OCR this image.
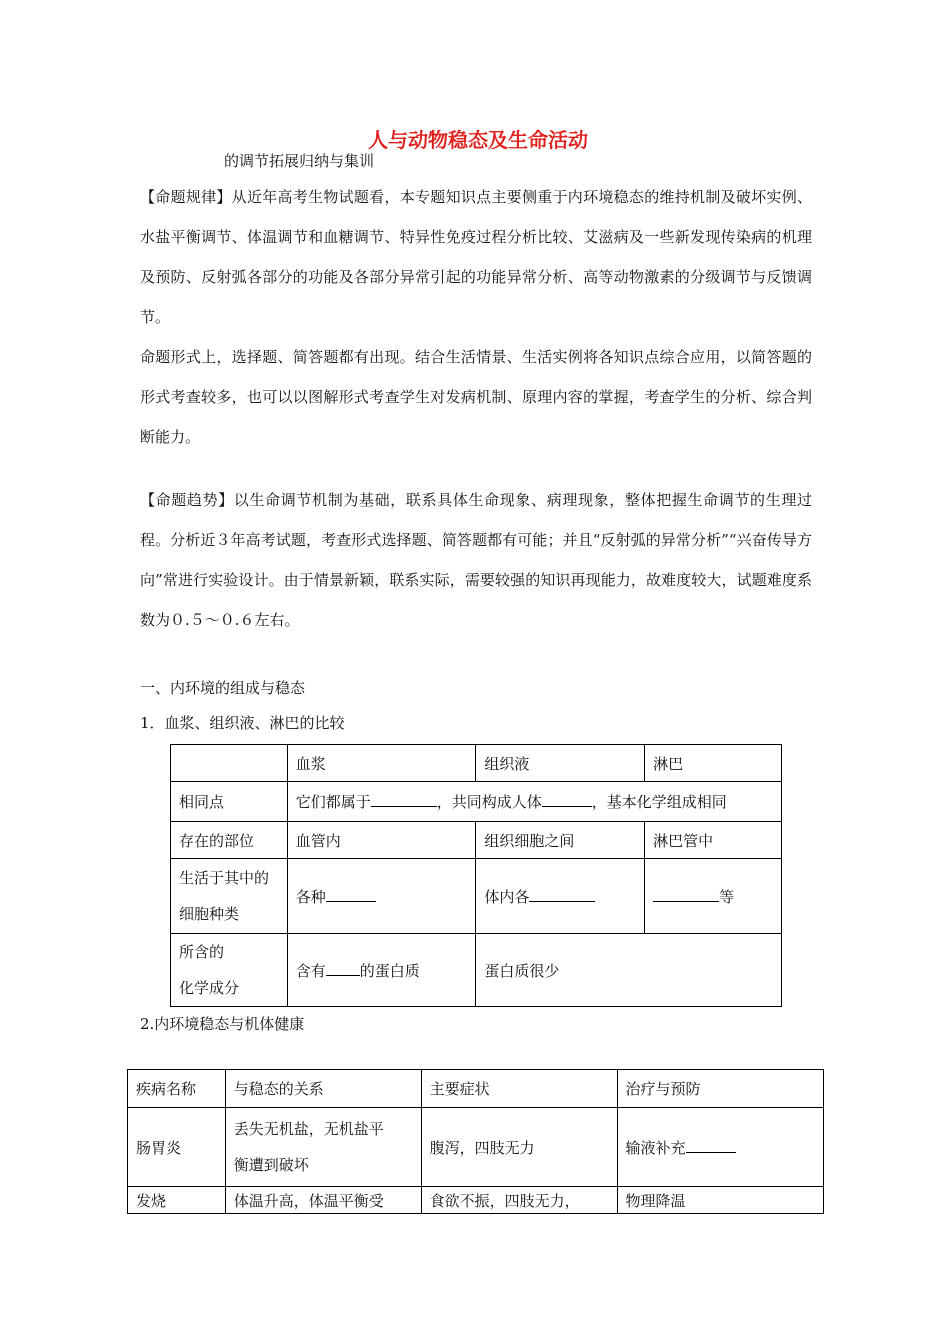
人与动物稳态及生命活动

的调节拓展归纳与集训

【命题规律】从近年高考生物试题看，本专题知识点主要侧重于内环境稳态的维持机制及破坏实例、水盐平衡调节、体温调节和血糖调节、特异性免疫过程分析比较、艾滋病及一些新发现传染病的机理及预防、反射弧各部分的功能及各部分异常引起的功能异常分析、高等动物激素的分级调节与反馈调节。

命题形式上，选择题、简答题都有出现。结合生活情景、生活实例将各知识点综合应用，以简答题的形式考查较多，也可以以图解形式考查学生对发病机制、原理内容的掌握，考查学生的分析、综合判断能力。

【命题趋势】以生命调节机制为基础，联系具体生命现象、病理现象，整体把握生命调节的生理过程。分析近３年高考试题，考查形式选择题、简答题都有可能；并且“反射弧的异常分析”“兴奋传导方向”常进行实验设计。由于情景新颖，联系实际，需要较强的知识再现能力，故难度较大，试题难度系数为０.５～０.６左右。

一、内环境的组成与稳态

1．血浆、组织液、淋巴的比较

	血浆	组织液	淋巴
相同点	它们都属于 ，共同构成人体 ，基本化学组成相同		
存在的部位	血管内	组织细胞之间	淋巴管中

生活于其中的
细胞种类	各种	体内各	等

所含的
化学成分	含有 的蛋白质	蛋白质很少	

2.内环境稳态与机体健康

疾病名称	与稳态的关系	主要症状	治疗与预防
肠胃炎	丢失无机盐，无机盐平
衡遭到破坏	腹泻，四肢无力	输液补充
发烧	体温升高，体温平衡受	食欲不振，四肢无力，	物理降温
